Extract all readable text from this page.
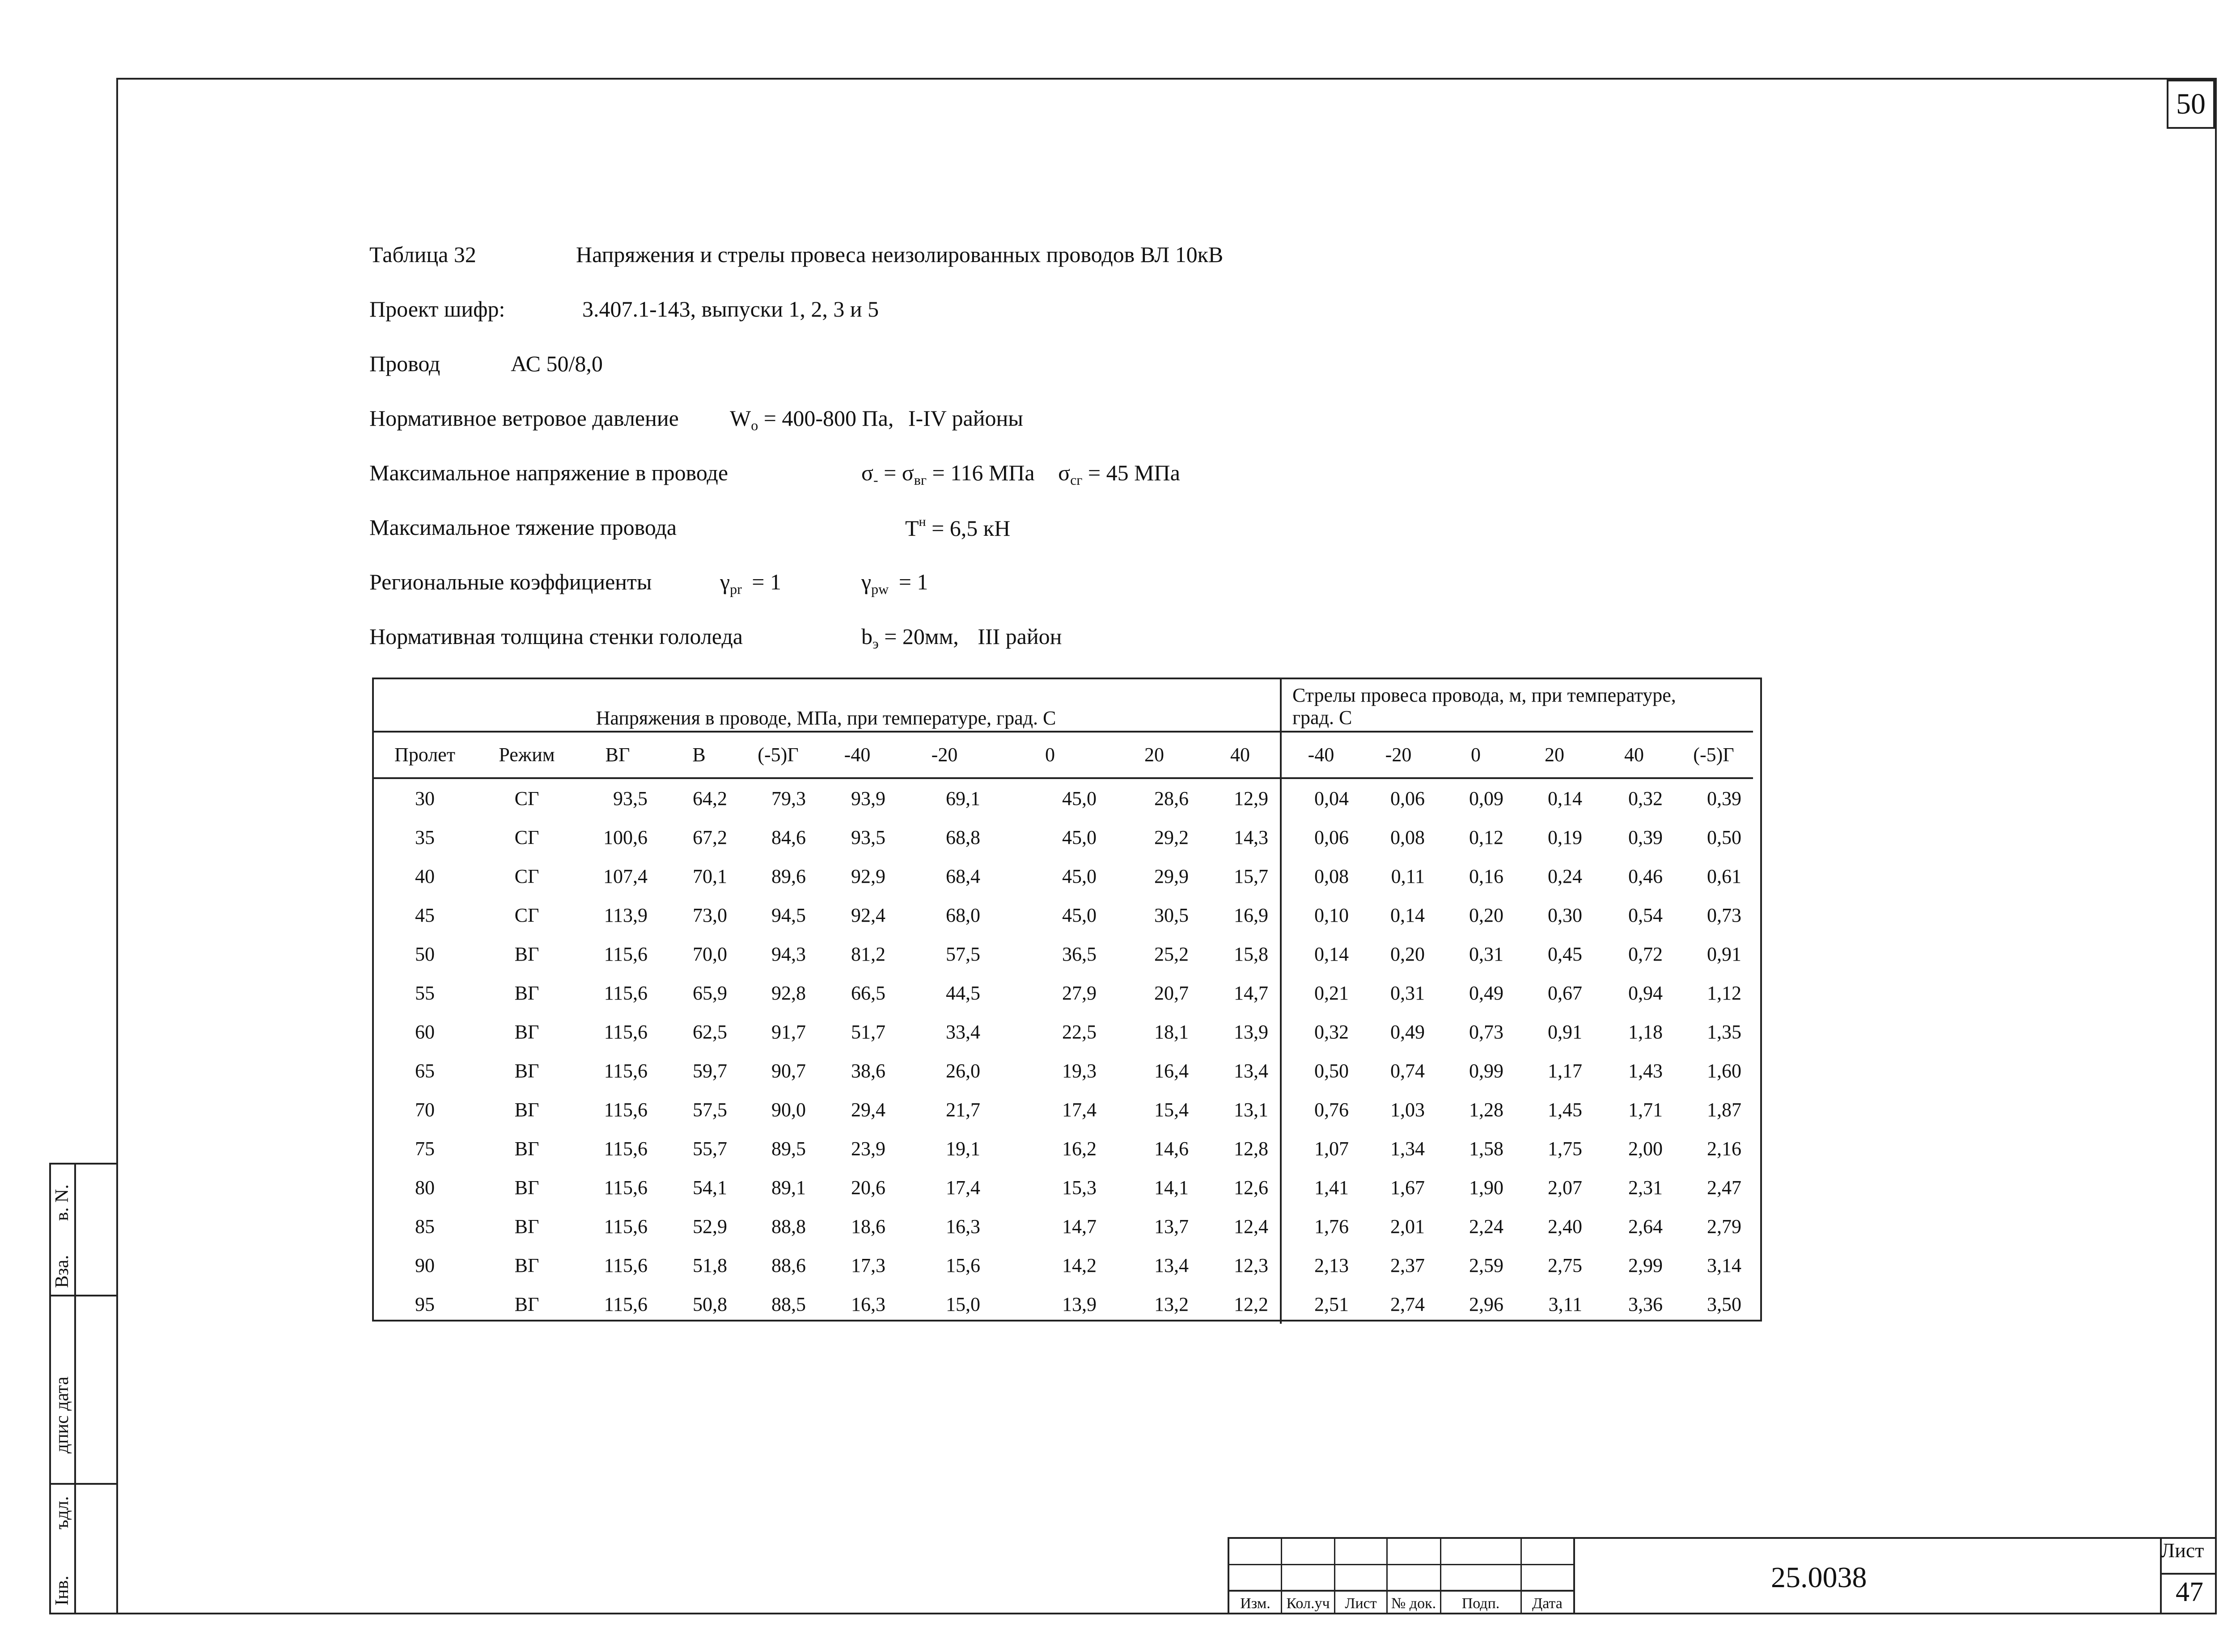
50
Таблица 32	Напряжения и стрелы провеса неизолированных проводов ВЛ 10кВ
Проект шифр:	3.407.1-143, выпуски 1, 2, 3 и 5
Провод	АС 50/8,0
Нормативное ветровое давление Wo = 400-800 Па, I-IV районы
Максимальное напряжение в проводе	σ- = σвг = 116 МПа σсг = 45 МПа
Максимальное тяжение провода	Tн = 6,5 кН
Региональные коэффициенты	γpr = 1	γpw = 1
Нормативная толщина стенки гололеда	bэ = 20мм, III район
Напряжения в проводе, МПа, при температуре, град. С										Стрелы провеса провода, м, при температуре,
град. С					

Пролет	Режим	ВГ	В	(-5)Г	-40	-20	0	20	40	-40	-20	0	20	40	(-5)Г
30	СГ	93,5	64,2	79,3	93,9	69,1	45,0	28,6	12,9	0,04	0,06	0,09	0,14	0,32	0,39
35	СГ	100,6	67,2	84,6	93,5	68,8	45,0	29,2	14,3	0,06	0,08	0,12	0,19	0,39	0,50
40	СГ	107,4	70,1	89,6	92,9	68,4	45,0	29,9	15,7	0,08	0,11	0,16	0,24	0,46	0,61
45	СГ	113,9	73,0	94,5	92,4	68,0	45,0	30,5	16,9	0,10	0,14	0,20	0,30	0,54	0,73
50	ВГ	115,6	70,0	94,3	81,2	57,5	36,5	25,2	15,8	0,14	0,20	0,31	0,45	0,72	0,91
55	ВГ	115,6	65,9	92,8	66,5	44,5	27,9	20,7	14,7	0,21	0,31	0,49	0,67	0,94	1,12
60	ВГ	115,6	62,5	91,7	51,7	33,4	22,5	18,1	13,9	0,32	0,49	0,73	0,91	1,18	1,35
65	ВГ	115,6	59,7	90,7	38,6	26,0	19,3	16,4	13,4	0,50	0,74	0,99	1,17	1,43	1,60
70	ВГ	115,6	57,5	90,0	29,4	21,7	17,4	15,4	13,1	0,76	1,03	1,28	1,45	1,71	1,87
75	ВГ	115,6	55,7	89,5	23,9	19,1	16,2	14,6	12,8	1,07	1,34	1,58	1,75	2,00	2,16
80	ВГ	115,6	54,1	89,1	20,6	17,4	15,3	14,1	12,6	1,41	1,67	1,90	2,07	2,31	2,47
85	ВГ	115,6	52,9	88,8	18,6	16,3	14,7	13,7	12,4	1,76	2,01	2,24	2,40	2,64	2,79
90	ВГ	115,6	51,8	88,6	17,3	15,6	14,2	13,4	12,3	2,13	2,37	2,59	2,75	2,99	3,14
95	ВГ	115,6	50,8	88,5	16,3	15,0	13,9	13,2	12,2	2,51	2,74	2,96	3,11	3,36	3,50
Інв.
ъдл.
дпис дата
Вза.
в. N.
Изм.	Кол.уч Лист № док.	Подп.	Дата
25.0038
Лист
47
